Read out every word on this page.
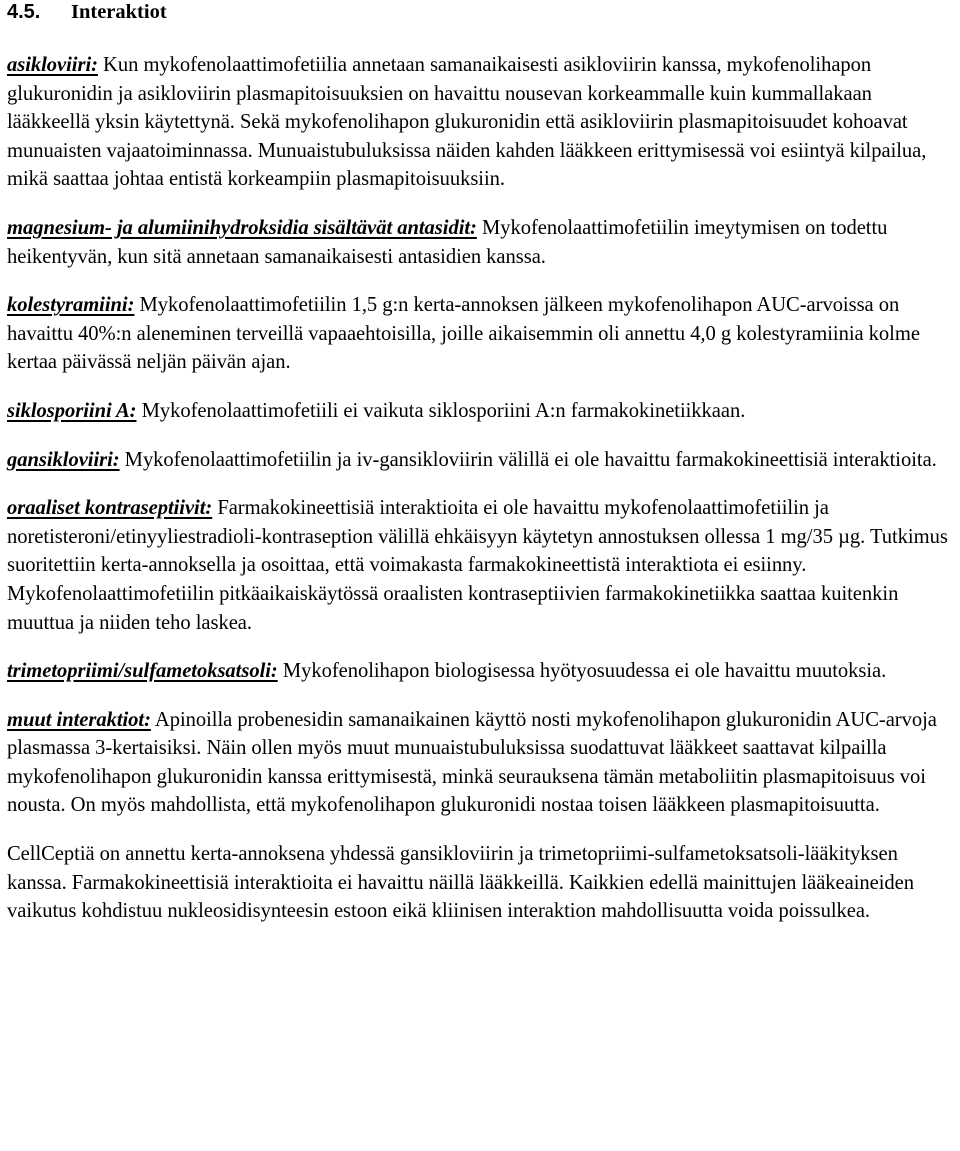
4.5. Interaktiot

asikloviiri: Kun mykofenolaattimofetiilia annetaan samanaikaisesti asikloviirin kanssa, mykofenolihapon glukuronidin ja asikloviirin plasmapitoisuuksien on havaittu nousevan korkeammalle kuin kummallakaan lääkkeellä yksin käytettynä. Sekä mykofenolihapon glukuronidin että asikloviirin plasmapitoisuudet kohoavat munuaisten vajaatoiminnassa. Munuaistubuluksissa näiden kahden lääkkeen erittymisessä voi esiintyä kilpailua, mikä saattaa johtaa entistä korkeampiin plasmapitoisuuksiin.

magnesium- ja alumiinihydroksidia sisältävät antasidit: Mykofenolaattimofetiilin imeytymisen on todettu heikentyvän, kun sitä annetaan samanaikaisesti antasidien kanssa.

kolestyramiini: Mykofenolaattimofetiilin 1,5 g:n kerta-annoksen jälkeen mykofenolihapon AUC-arvoissa on havaittu 40%:n aleneminen terveillä vapaaehtoisilla, joille aikaisemmin oli annettu 4,0 g kolestyramiinia kolme kertaa päivässä neljän päivän ajan.

siklosporiini A: Mykofenolaattimofetiili ei vaikuta siklosporiini A:n farmakokinetiikkaan.

gansikloviiri: Mykofenolaattimofetiilin ja iv-gansikloviirin välillä ei ole havaittu farmakokineettisiä interaktioita.

oraaliset kontraseptiivit: Farmakokineettisiä interaktioita ei ole havaittu mykofenolaattimofetiilin ja noretisteroni/etinyyliestradioli-kontraseption välillä ehkäisyyn käytetyn annostuksen ollessa 1 mg/35 µg. Tutkimus suoritettiin kerta-annoksella ja osoittaa, että voimakasta farmakokineettistä interaktiota ei esiinny. Mykofenolaattimofetiilin pitkäaikaiskäytössä oraalisten kontraseptiivien farmakokinetiikka saattaa kuitenkin muuttua ja niiden teho laskea.

trimetopriimi/sulfametoksatsoli: Mykofenolihapon biologisessa hyötyosuudessa ei ole havaittu muutoksia.

muut interaktiot: Apinoilla probenesidin samanaikainen käyttö nosti mykofenolihapon glukuronidin AUC-arvoja plasmassa 3-kertaisiksi. Näin ollen myös muut munuaistubuluksissa suodattuvat lääkkeet saattavat kilpailla mykofenolihapon glukuronidin kanssa erittymisestä, minkä seurauksena tämän metaboliitin plasmapitoisuus voi nousta. On myös mahdollista, että mykofenolihapon glukuronidi nostaa toisen lääkkeen plasmapitoisuutta.

CellCeptiä on annettu kerta-annoksena yhdessä gansikloviirin ja trimetopriimi-sulfametoksatsoli-lääkityksen kanssa. Farmakokineettisiä interaktioita ei havaittu näillä lääkkeillä. Kaikkien edellä mainittujen lääkeaineiden vaikutus kohdistuu nukleosidisynteesin estoon eikä kliinisen interaktion mahdollisuutta voida poissulkea.
